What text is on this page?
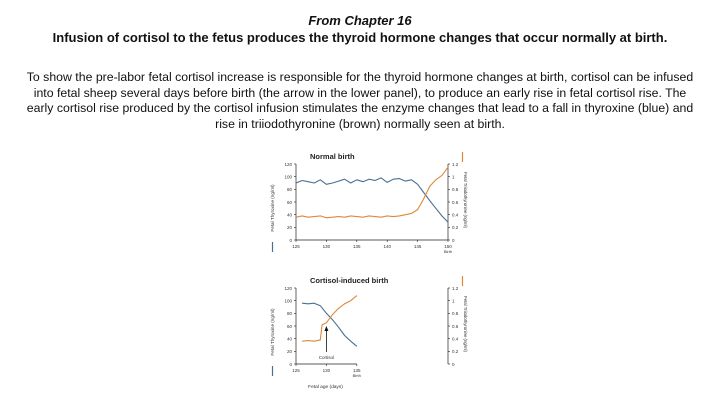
From Chapter 16
Infusion of cortisol to the fetus produces the thyroid hormone changes that occur normally at birth.
To show the pre-labor fetal cortisol increase is responsible for the thyroid hormone changes at birth, cortisol can be infused into fetal sheep several days before birth (the arrow in the lower panel), to produce an early rise in fetal cortisol rise. The early cortisol rise produced by the cortisol infusion stimulates the enzyme changes that lead to a fall in thyroxine (blue) and rise in triiodothyronine (brown) normally seen at birth.
Normal birth
0
20
40
60
80
100
120
0
0.2
0.4
0.6
0.8
1
1.2
125	130	135	140	145	150
Birth
Fetal Thyroxine (ng/ml)	Fetal Triiodothyronine (ng/ml)
Cortisol-induced birth
0
20
40
60
80
100
120
0
0.2
0.4
0.6
0.8
1
1.2
125	130	135
Birth
Fetal Thyroxine (ng/ml)	Fetal Triiodothyronine (ng/ml)
Cortisol
Fetal age (days)
